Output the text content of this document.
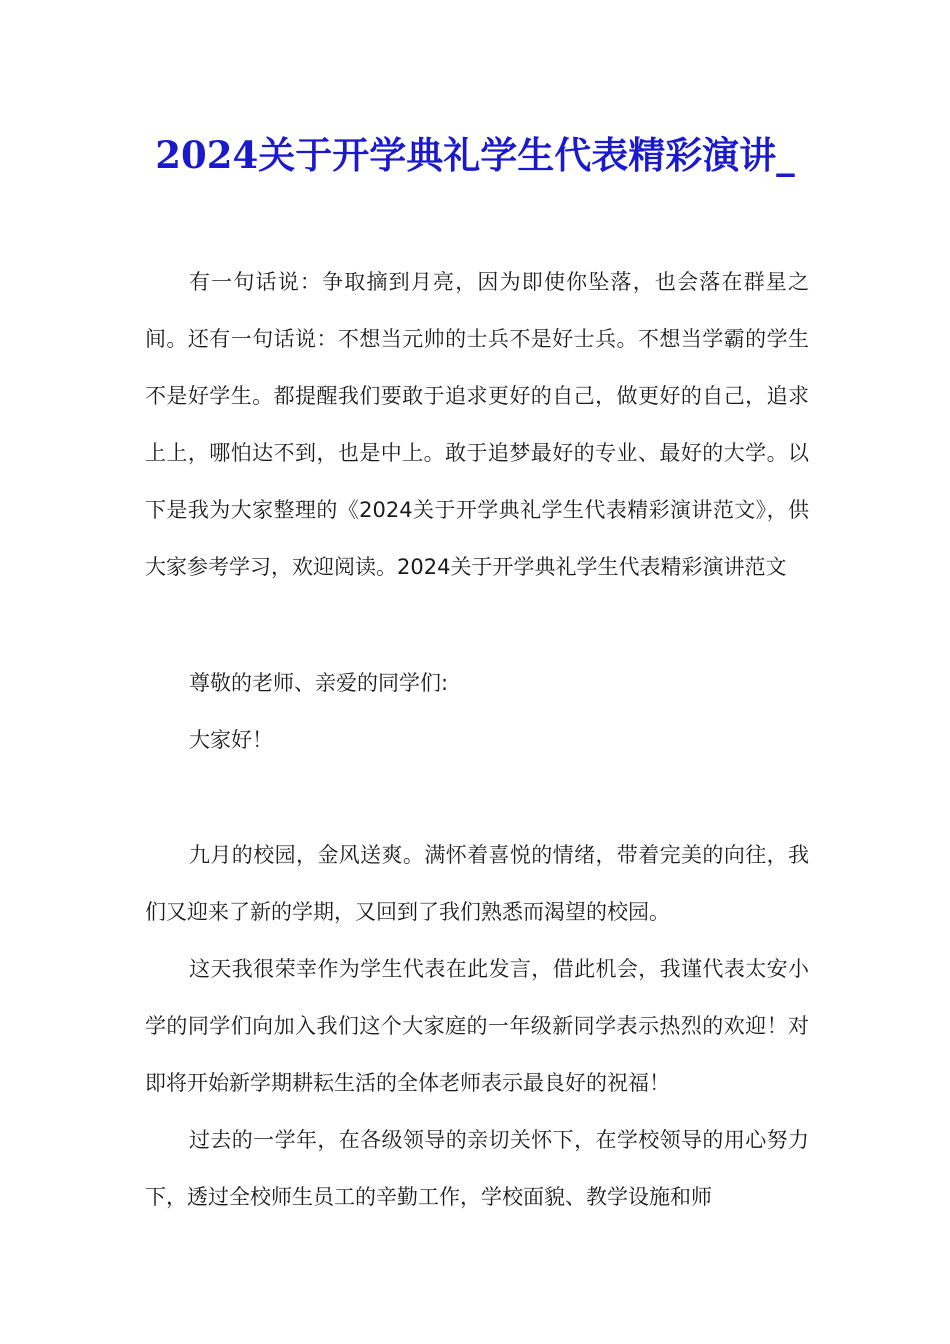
2024关于开学典礼学生代表精彩演讲_

有一句话说：争取摘到月亮，因为即使你坠落，也会落在群星之间。还有一句话说：不想当元帅的士兵不是好士兵。不想当学霸的学生不是好学生。都提醒我们要敢于追求更好的自己，做更好的自己，追求上上，哪怕达不到，也是中上。敢于追梦最好的专业、最好的大学。以下是我为大家整理的《2024关于开学典礼学生代表精彩演讲范文》，供大家参考学习，欢迎阅读。2024关于开学典礼学生代表精彩演讲范文

尊敬的老师、亲爱的同学们:

大家好！

九月的校园，金风送爽。满怀着喜悦的情绪，带着完美的向往，我们又迎来了新的学期，又回到了我们熟悉而渴望的校园。

这天我很荣幸作为学生代表在此发言，借此机会，我谨代表太安小学的同学们向加入我们这个大家庭的一年级新同学表示热烈的欢迎！对即将开始新学期耕耘生活的全体老师表示最良好的祝福！

过去的一学年，在各级领导的亲切关怀下，在学校领导的用心努力下，透过全校师生员工的辛勤工作，学校面貌、教学设施和师
